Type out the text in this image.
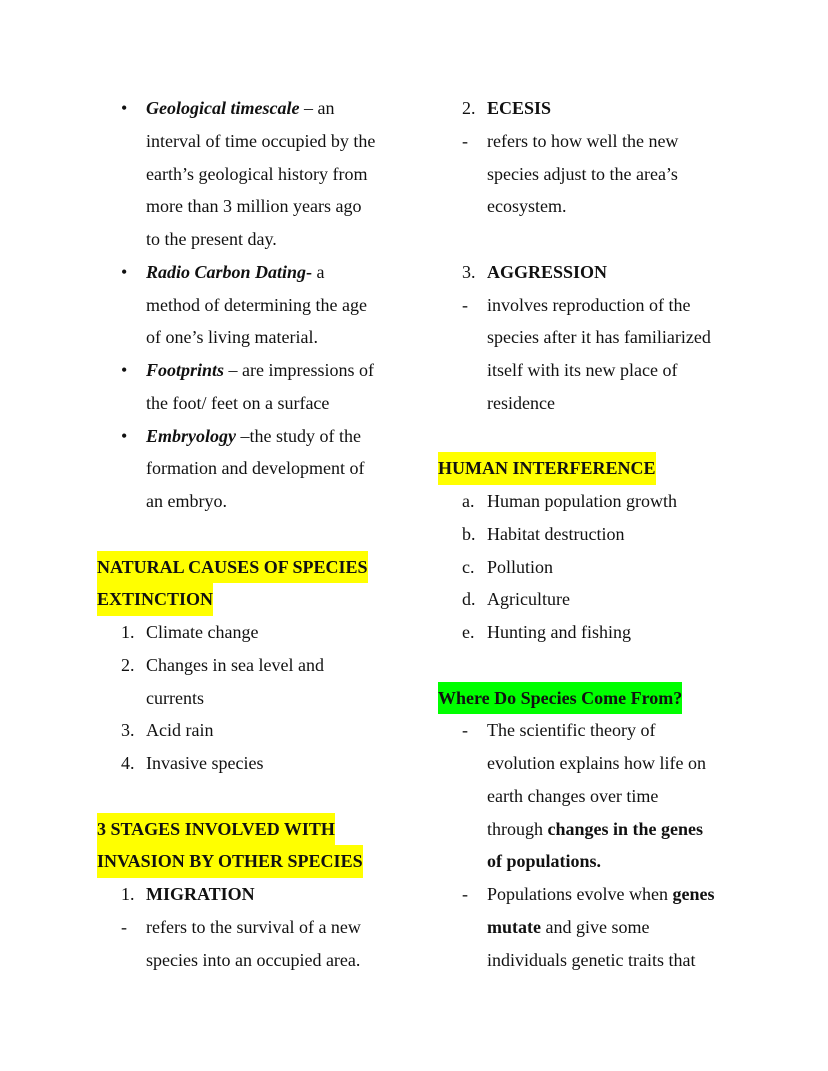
• Geological timescale – an
interval of time occupied by the
earth’s geological history from
more than 3 million years ago
to the present day.
• Radio Carbon Dating- a
method of determining the age
of one’s living material.
• Footprints – are impressions of
the foot/ feet on a surface
• Embryology –the study of the
formation and development of
an embryo.
NATURAL CAUSES OF SPECIES
EXTINCTION
1. Climate change
2. Changes in sea level and
currents
3. Acid rain
4. Invasive species
3 STAGES INVOLVED WITH
INVASION BY OTHER SPECIES
1. MIGRATION
- refers to the survival of a new
species into an occupied area.
2. ECESIS
- refers to how well the new
species adjust to the area’s
ecosystem.
3. AGGRESSION
- involves reproduction of the
species after it has familiarized
itself with its new place of
residence
HUMAN INTERFERENCE
a. Human population growth
b. Habitat destruction
c. Pollution
d. Agriculture
e. Hunting and fishing
Where Do Species Come From?
- The scientific theory of
evolution explains how life on
earth changes over time
through changes in the genes
of populations.
- Populations evolve when genes
mutate and give some
individuals genetic traits that
